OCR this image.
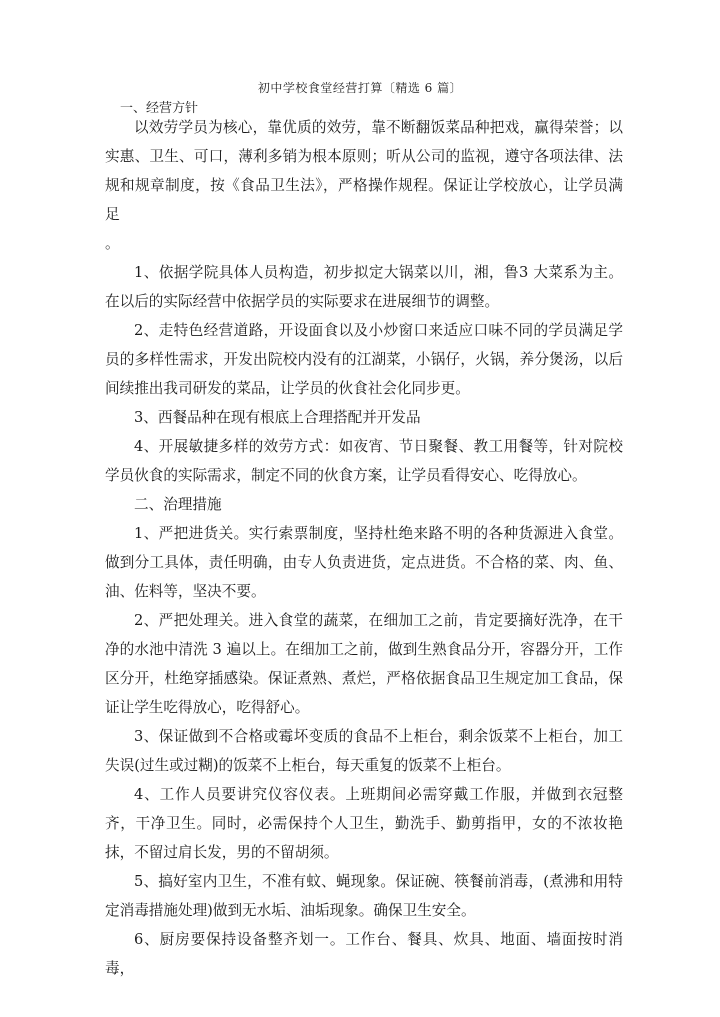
初中学校食堂经营打算〔精选 6 篇〕
一、经营方针

以效劳学员为核心，靠优质的效劳，靠不断翻饭菜品种把戏，赢得荣誉；以实惠、卫生、可口，薄利多销为根本原则；听从公司的监视，遵守各项法律、法规和规章制度，按《食品卫生法》，严格操作规程。保证让学校放心，让学员满足

。

1、依据学院具体人员构造，初步拟定大锅菜以川，湘，鲁3 大菜系为主。在以后的实际经营中依据学员的实际要求在进展细节的调整。

2、走特色经营道路，开设面食以及小炒窗口来适应口味不同的学员满足学员的多样性需求，开发出院校内没有的江湖菜，小锅仔，火锅，养分煲汤，以后间续推出我司研发的菜品，让学员的伙食社会化同步更。

3、西餐品种在现有根底上合理搭配并开发品

4、开展敏捷多样的效劳方式：如夜宵、节日聚餐、教工用餐等，针对院校学员伙食的实际需求，制定不同的伙食方案，让学员看得安心、吃得放心。

二、治理措施

1、严把进货关。实行索票制度，坚持杜绝来路不明的各种货源进入食堂。做到分工具体，责任明确，由专人负责进货，定点进货。不合格的菜、肉、鱼、油、佐料等，坚决不要。

2、严把处理关。进入食堂的蔬菜，在细加工之前，肯定要摘好洗净，在干净的水池中清洗 3 遍以上。在细加工之前，做到生熟食品分开，容器分开，工作区分开，杜绝穿插感染。保证煮熟、煮烂，严格依据食品卫生规定加工食品，保证让学生吃得放心，吃得舒心。

3、保证做到不合格或霉坏变质的食品不上柜台，剩余饭菜不上柜台，加工失误(过生或过糊)的饭菜不上柜台，每天重复的饭菜不上柜台。

4、工作人员要讲究仪容仪表。上班期间必需穿戴工作服，并做到衣冠整齐，干净卫生。同时，必需保持个人卫生，勤洗手、勤剪指甲，女的不浓妆艳抹，不留过肩长发，男的不留胡须。

5、搞好室内卫生，不准有蚊、蝇现象。保证碗、筷餐前消毒，(煮沸和用特定消毒措施处理)做到无水垢、油垢现象。确保卫生安全。

6、厨房要保持设备整齐划一。工作台、餐具、炊具、地面、墙面按时消毒，
